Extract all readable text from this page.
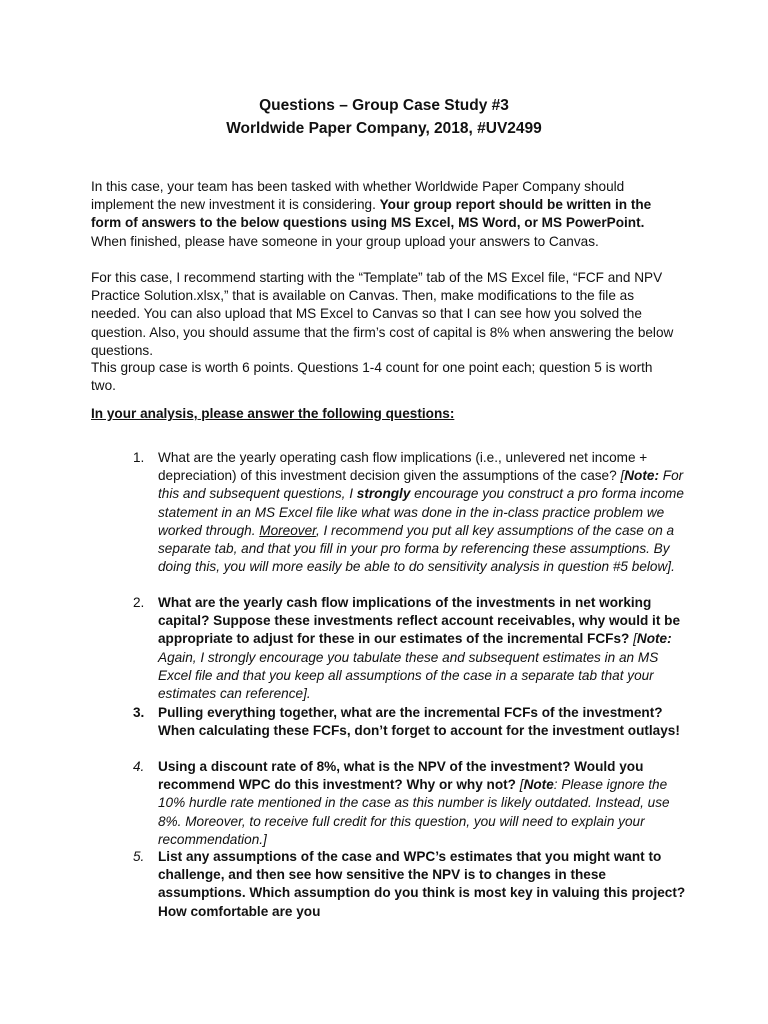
Questions – Group Case Study #3
Worldwide Paper Company, 2018, #UV2499

In this case, your team has been tasked with whether Worldwide Paper Company should implement the new investment it is considering. Your group report should be written in the form of answers to the below questions using MS Excel, MS Word, or MS PowerPoint. When finished, please have someone in your group upload your answers to Canvas.

For this case, I recommend starting with the “Template” tab of the MS Excel file, “FCF and NPV Practice Solution.xlsx,” that is available on Canvas. Then, make modifications to the file as needed. You can also upload that MS Excel to Canvas so that I can see how you solved the question. Also, you should assume that the firm’s cost of capital is 8% when answering the below questions.

This group case is worth 6 points. Questions 1-4 count for one point each; question 5 is worth two.

In your analysis, please answer the following questions:

1.	What are the yearly operating cash flow implications (i.e., unlevered net income + depreciation) of this investment decision given the assumptions of the case? [Note: For this and subsequent questions, I strongly encourage you construct a pro forma income statement in an MS Excel file like what was done in the in-class practice problem we worked through. Moreover, I recommend you put all key assumptions of the case on a separate tab, and that you fill in your pro forma by referencing these assumptions. By doing this, you will more easily be able to do sensitivity analysis in question #5 below].
2.	What are the yearly cash flow implications of the investments in net working capital? Suppose these investments reflect account receivables, why would it be appropriate to adjust for these in our estimates of the incremental FCFs? [Note: Again, I strongly encourage you tabulate these and subsequent estimates in an MS Excel file and that you keep all assumptions of the case in a separate tab that your estimates can reference].
3.	Pulling everything together, what are the incremental FCFs of the investment? When calculating these FCFs, don’t forget to account for the investment outlays!
4.	Using a discount rate of 8%, what is the NPV of the investment? Would you recommend WPC do this investment? Why or why not? [Note: Please ignore the 10% hurdle rate mentioned in the case as this number is likely outdated. Instead, use 8%. Moreover, to receive full credit for this question, you will need to explain your recommendation.]
5.	List any assumptions of the case and WPC’s estimates that you might want to challenge, and then see how sensitive the NPV is to changes in these assumptions. Which assumption do you think is most key in valuing this project? How comfortable are you
